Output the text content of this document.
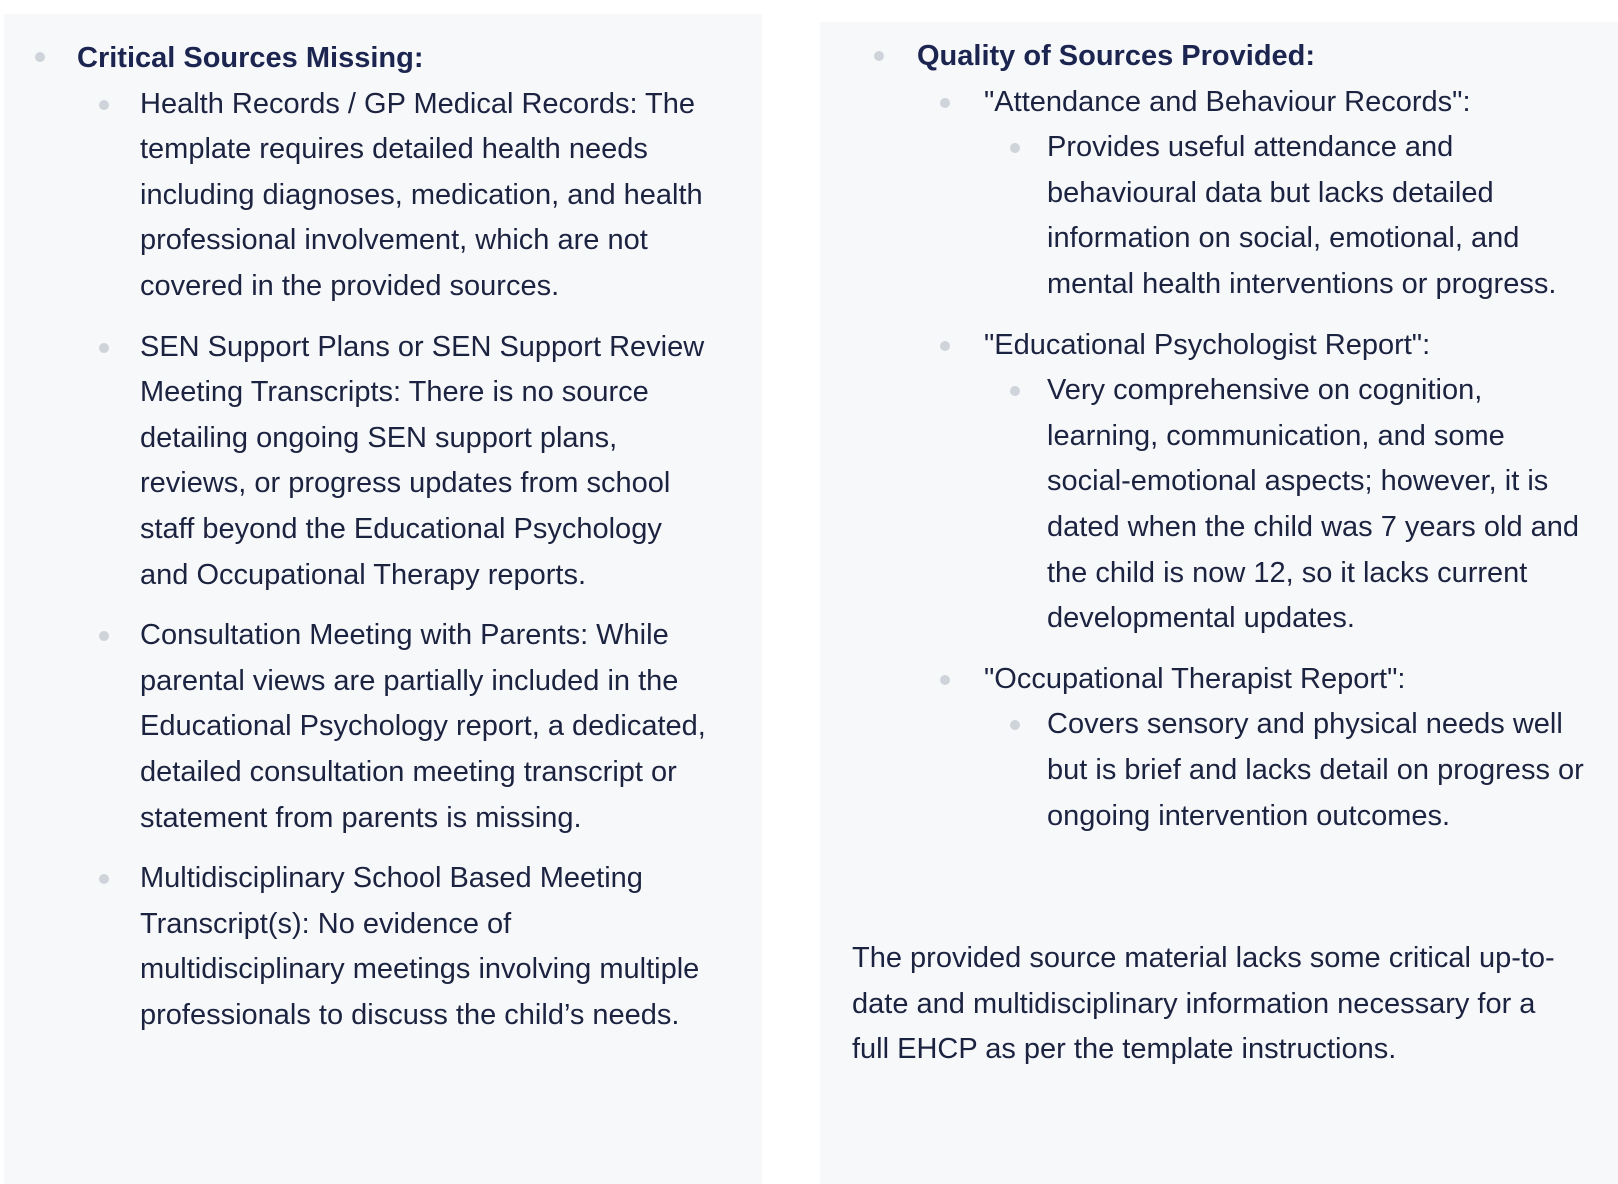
Critical Sources Missing:
Health Records / GP Medical Records: The template requires detailed health needs including diagnoses, medication, and health professional involvement, which are not covered in the provided sources.
SEN Support Plans or SEN Support Review Meeting Transcripts: There is no source detailing ongoing SEN support plans, reviews, or progress updates from school staff beyond the Educational Psychology and Occupational Therapy reports.
Consultation Meeting with Parents: While parental views are partially included in the Educational Psychology report, a dedicated, detailed consultation meeting transcript or statement from parents is missing.
Multidisciplinary School Based Meeting Transcript(s): No evidence of multidisciplinary meetings involving multiple professionals to discuss the child’s needs.
Quality of Sources Provided:
"Attendance and Behaviour Records":
Provides useful attendance and behavioural data but lacks detailed information on social, emotional, and mental health interventions or progress.
"Educational Psychologist Report":
Very comprehensive on cognition, learning, communication, and some social-emotional aspects; however, it is dated when the child was 7 years old and the child is now 12, so it lacks current developmental updates.
"Occupational Therapist Report":
Covers sensory and physical needs well but is brief and lacks detail on progress or ongoing intervention outcomes.

The provided source material lacks some critical up-to-date and multidisciplinary information necessary for a full EHCP as per the template instructions.
